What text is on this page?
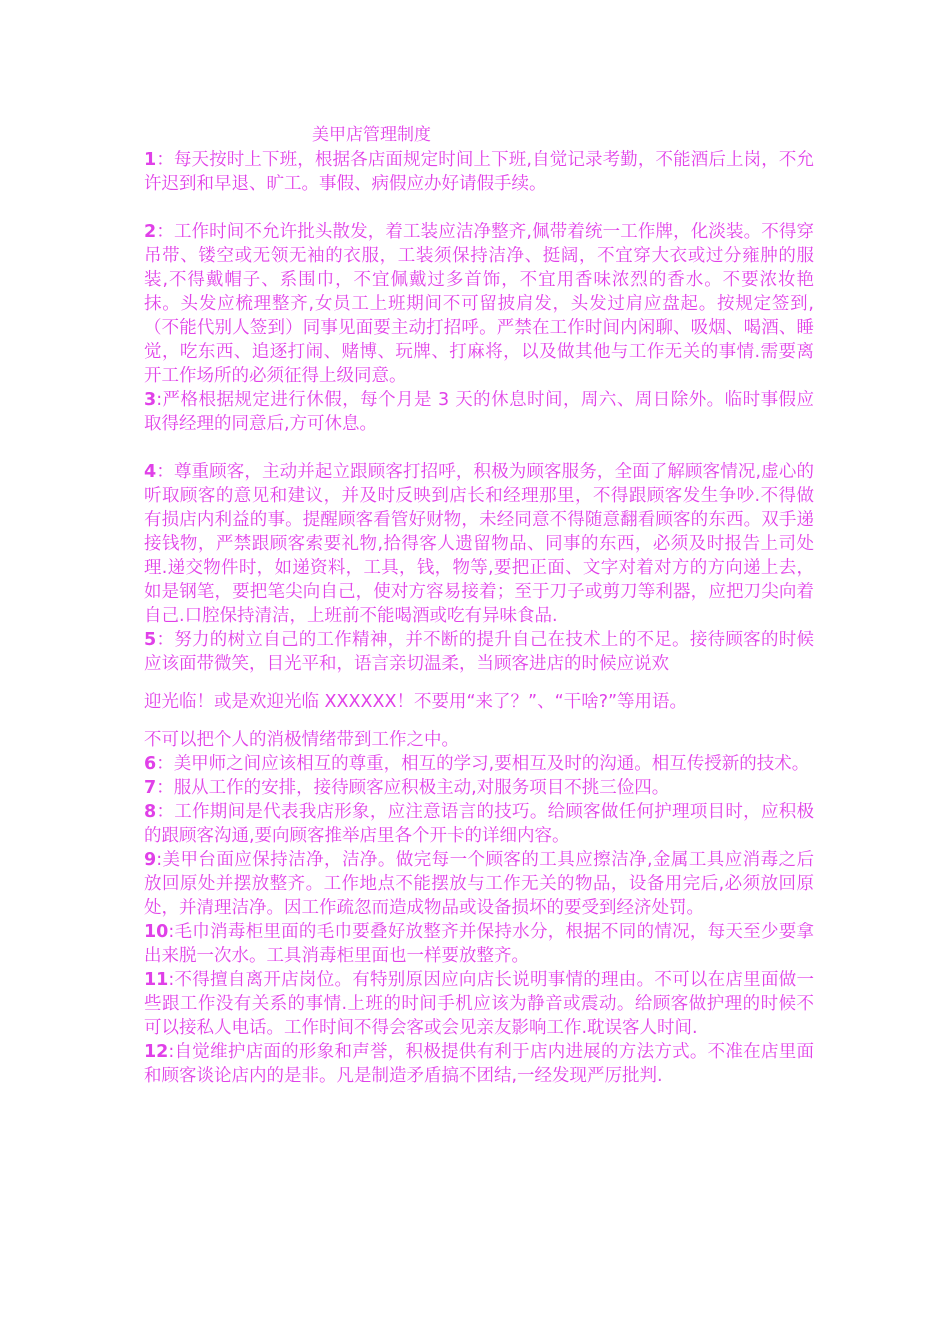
美甲店管理制度

1：每天按时上下班，根据各店面规定时间上下班,自觉记录考勤，不能酒后上岗，不允许迟到和早退、旷工。事假、病假应办好请假手续。

2：工作时间不允许批头散发，着工装应洁净整齐,佩带着统一工作牌，化淡装。不得穿吊带、镂空或无领无袖的衣服，工装须保持洁净、挺阔，不宜穿大衣或过分雍肿的服装,不得戴帽子、系围巾，不宜佩戴过多首饰，不宜用香味浓烈的香水。不要浓妆艳抹。头发应梳理整齐,女员工上班期间不可留披肩发，头发过肩应盘起。按规定签到,（不能代别人签到）同事见面要主动打招呼。严禁在工作时间内闲聊、吸烟、喝酒、睡觉，吃东西、追逐打闹、赌博、玩牌、打麻将，以及做其他与工作无关的事情.需要离开工作场所的必须征得上级同意。

3:严格根据规定进行休假，每个月是 3 天的休息时间，周六、周日除外。临时事假应取得经理的同意后,方可休息。

4：尊重顾客，主动并起立跟顾客打招呼，积极为顾客服务，全面了解顾客情况,虚心的听取顾客的意见和建议，并及时反映到店长和经理那里，不得跟顾客发生争吵.不得做有损店内利益的事。提醒顾客看管好财物，未经同意不得随意翻看顾客的东西。双手递接钱物，严禁跟顾客索要礼物,拾得客人遗留物品、同事的东西，必须及时报告上司处理.递交物件时，如递资料，工具，钱，物等,要把正面、文字对着对方的方向递上去，如是钢笔，要把笔尖向自己，使对方容易接着；至于刀子或剪刀等利器，应把刀尖向着自己.口腔保持清洁，上班前不能喝酒或吃有异味食品.

5：努力的树立自己的工作精神，并不断的提升自己在技术上的不足。接待顾客的时候应该面带微笑，目光平和，语言亲切温柔，当顾客进店的时候应说欢

迎光临！或是欢迎光临 XXXXXX！不要用“来了？”、“干啥?”等用语。

不可以把个人的消极情绪带到工作之中。

6：美甲师之间应该相互的尊重，相互的学习,要相互及时的沟通。相互传授新的技术。

7：服从工作的安排，接待顾客应积极主动,对服务项目不挑三俭四。

8：工作期间是代表我店形象，应注意语言的技巧。给顾客做任何护理项目时，应积极的跟顾客沟通,要向顾客推举店里各个开卡的详细内容。

9:美甲台面应保持洁净，洁净。做完每一个顾客的工具应擦洁净,金属工具应消毒之后放回原处并摆放整齐。工作地点不能摆放与工作无关的物品，设备用完后,必须放回原处，并清理洁净。因工作疏忽而造成物品或设备损坏的要受到经济处罚。

10:毛巾消毒柜里面的毛巾要叠好放整齐并保持水分，根据不同的情况，每天至少要拿出来脱一次水。工具消毒柜里面也一样要放整齐。

11:不得擅自离开店岗位。有特别原因应向店长说明事情的理由。不可以在店里面做一些跟工作没有关系的事情.上班的时间手机应该为静音或震动。给顾客做护理的时候不可以接私人电话。工作时间不得会客或会见亲友影响工作.耽误客人时间.

12:自觉维护店面的形象和声誉，积极提供有利于店内进展的方法方式。不准在店里面和顾客谈论店内的是非。凡是制造矛盾搞不团结,一经发现严厉批判.
